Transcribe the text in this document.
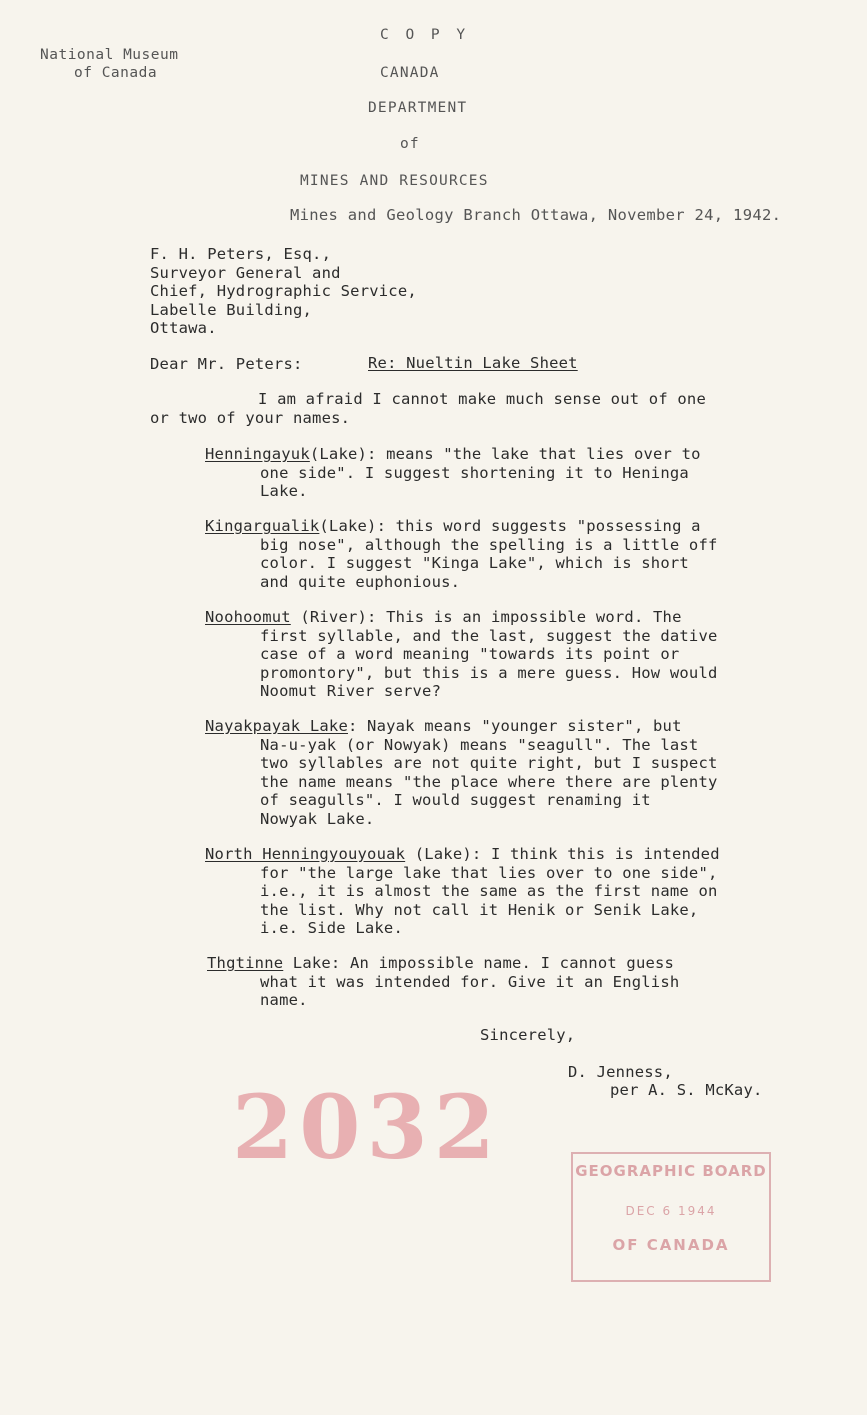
National Museum
of Canada
C O P Y
CANADA
DEPARTMENT
of
MINES AND RESOURCES
Mines and Geology Branch Ottawa, November 24, 1942.
F. H. Peters, Esq.,
Surveyor General and
Chief, Hydrographic Service,
Labelle Building,
Ottawa.
Dear Mr. Peters:	Re: Nueltin Lake Sheet
I am afraid I cannot make much sense out of one
or two of your names.
Henningayuk(Lake): means "the lake that lies over to
one side". I suggest shortening it to Heninga
Lake.
Kingargualik(Lake): this word suggests "possessing a
big nose", although the spelling is a little off
color. I suggest "Kinga Lake", which is short
and quite euphonious.
Noohoomut (River): This is an impossible word. The
first syllable, and the last, suggest the dative
case of a word meaning "towards its point or
promontory", but this is a mere guess. How would
Noomut River serve?
Nayakpayak Lake: Nayak means "younger sister", but
Na-u-yak (or Nowyak) means "seagull". The last
two syllables are not quite right, but I suspect
the name means "the place where there are plenty
of seagulls". I would suggest renaming it
Nowyak Lake.
North Henningyouyouak (Lake): I think this is intended
for "the large lake that lies over to one side",
i.e., it is almost the same as the first name on
the list. Why not call it Henik or Senik Lake,
i.e. Side Lake.
Thgtinne Lake: An impossible name. I cannot guess
what it was intended for. Give it an English
name.
Sincerely,
D. Jenness,
per A. S. McKay.
2032	GEOGRAPHIC BOARD
DEC 6 1944
OF CANADA
